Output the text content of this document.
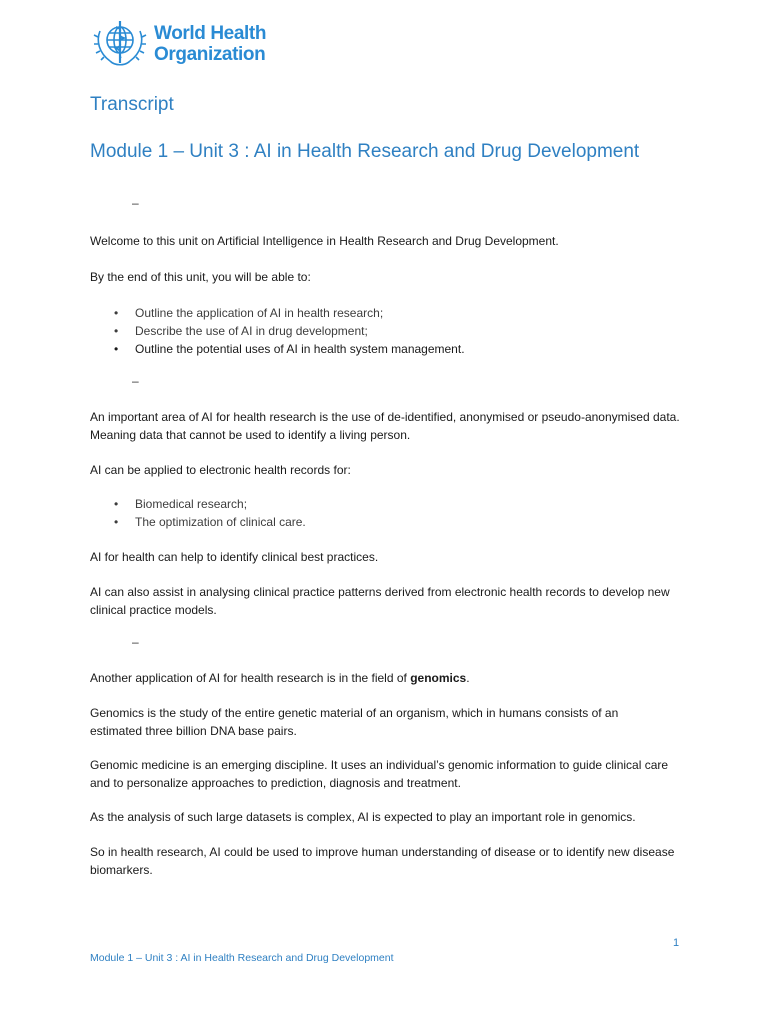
World Health
Organization
Transcript
Module 1 – Unit 3 : AI in Health Research and Drug Development
–

Welcome to this unit on Artificial Intelligence in Health Research and Drug Development.

By the end of this unit, you will be able to:

• Outline the application of AI in health research;
• Describe the use of AI in drug development;
• Outline the potential uses of AI in health system management.
–

An important area of AI for health research is the use of de-identified, anonymised or pseudo-anonymised data. Meaning data that cannot be used to identify a living person.

AI can be applied to electronic health records for:

• Biomedical research;
• The optimization of clinical care.

AI for health can help to identify clinical best practices.

AI can also assist in analysing clinical practice patterns derived from electronic health records to develop new clinical practice models.

–

Another application of AI for health research is in the field of genomics.

Genomics is the study of the entire genetic material of an organism, which in humans consists of an estimated three billion DNA base pairs.

Genomic medicine is an emerging discipline. It uses an individual’s genomic information to guide clinical care and to personalize approaches to prediction, diagnosis and treatment.

As the analysis of such large datasets is complex, AI is expected to play an important role in genomics.

So in health research, AI could be used to improve human understanding of disease or to identify new disease biomarkers.

1
Module 1 – Unit 3 : AI in Health Research and Drug Development
